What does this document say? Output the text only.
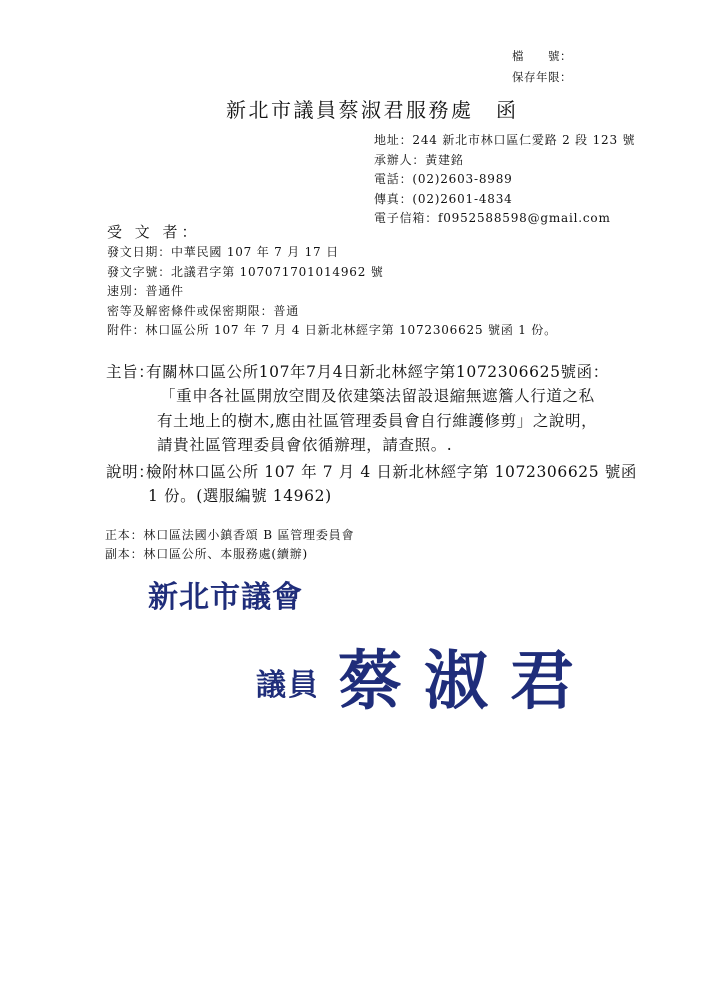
檔　　號：
保存年限：
新北市議員蔡淑君服務處　函
地址：244 新北市林口區仁愛路 2 段 123 號
承辦人：黃建銘
電話：(02)2603-8989
傳真：(02)2601-4834
電子信箱：f0952588598@gmail.com
受 文 者：
發文日期：中華民國 107 年 7 月 17 日
發文字號：北議君字第 107071701014962 號
速別：普通件
密等及解密條件或保密期限：普通
附件：林口區公所 107 年 7 月 4 日新北林經字第 1072306625 號函 1 份。
主旨：
有關林口區公所107年7月4日新北林經字第1072306625號函：
「重申各社區開放空間及依建築法留設退縮無遮簷人行道之私
有土地上的樹木,應由社區管理委員會自行維護修剪」之說明，
請貴社區管理委員會依循辦理，請查照。.
說明：
檢附林口區公所 107 年 7 月 4 日新北林經字第 1072306625 號函
1 份。(選服編號 14962)
正本：林口區法國小鎮香頌 B 區管理委員會
副本：林口區公所、本服務處(續辦)
新北市議會
蔡淑君
議員
